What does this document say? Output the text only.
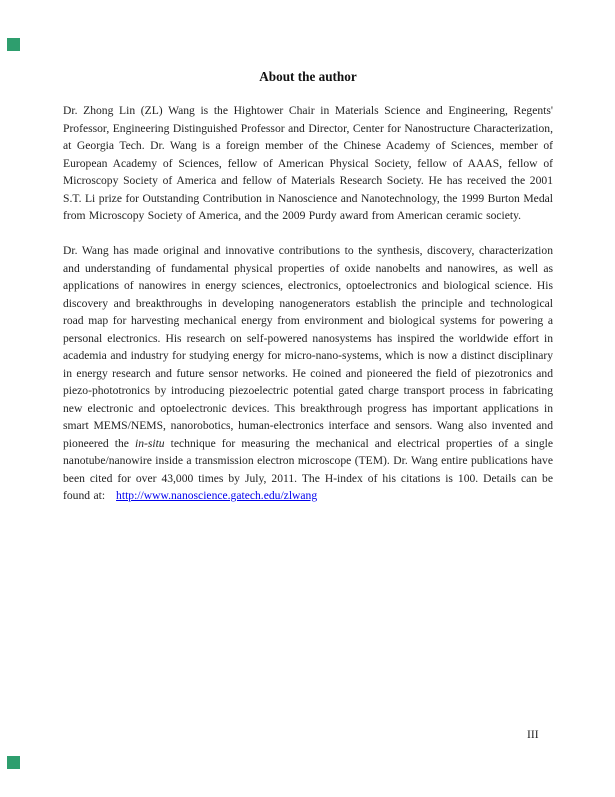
About the author

Dr. Zhong Lin (ZL) Wang is the Hightower Chair in Materials Science and Engineering, Regents' Professor, Engineering Distinguished Professor and Director, Center for Nanostructure Characterization, at Georgia Tech. Dr. Wang is a foreign member of the Chinese Academy of Sciences, member of European Academy of Sciences, fellow of American Physical Society, fellow of AAAS, fellow of Microscopy Society of America and fellow of Materials Research Society. He has received the 2001 S.T. Li prize for Outstanding Contribution in Nanoscience and Nanotechnology, the 1999 Burton Medal from Microscopy Society of America, and the 2009 Purdy award from American ceramic society.

Dr. Wang has made original and innovative contributions to the synthesis, discovery, characterization and understanding of fundamental physical properties of oxide nanobelts and nanowires, as well as applications of nanowires in energy sciences, electronics, optoelectronics and biological science. His discovery and breakthroughs in developing nanogenerators establish the principle and technological road map for harvesting mechanical energy from environment and biological systems for powering a personal electronics. His research on self-powered nanosystems has inspired the worldwide effort in academia and industry for studying energy for micro-nano-systems, which is now a distinct disciplinary in energy research and future sensor networks. He coined and pioneered the field of piezotronics and piezo-phototronics by introducing piezoelectric potential gated charge transport process in fabricating new electronic and optoelectronic devices. This breakthrough progress has important applications in smart MEMS/NEMS, nanorobotics, human-electronics interface and sensors. Wang also invented and pioneered the in-situ technique for measuring the mechanical and electrical properties of a single nanotube/nanowire inside a transmission electron microscope (TEM). Dr. Wang entire publications have been cited for over 43,000 times by July, 2011. The H-index of his citations is 100. Details can be found at: http://www.nanoscience.gatech.edu/zlwang

III
